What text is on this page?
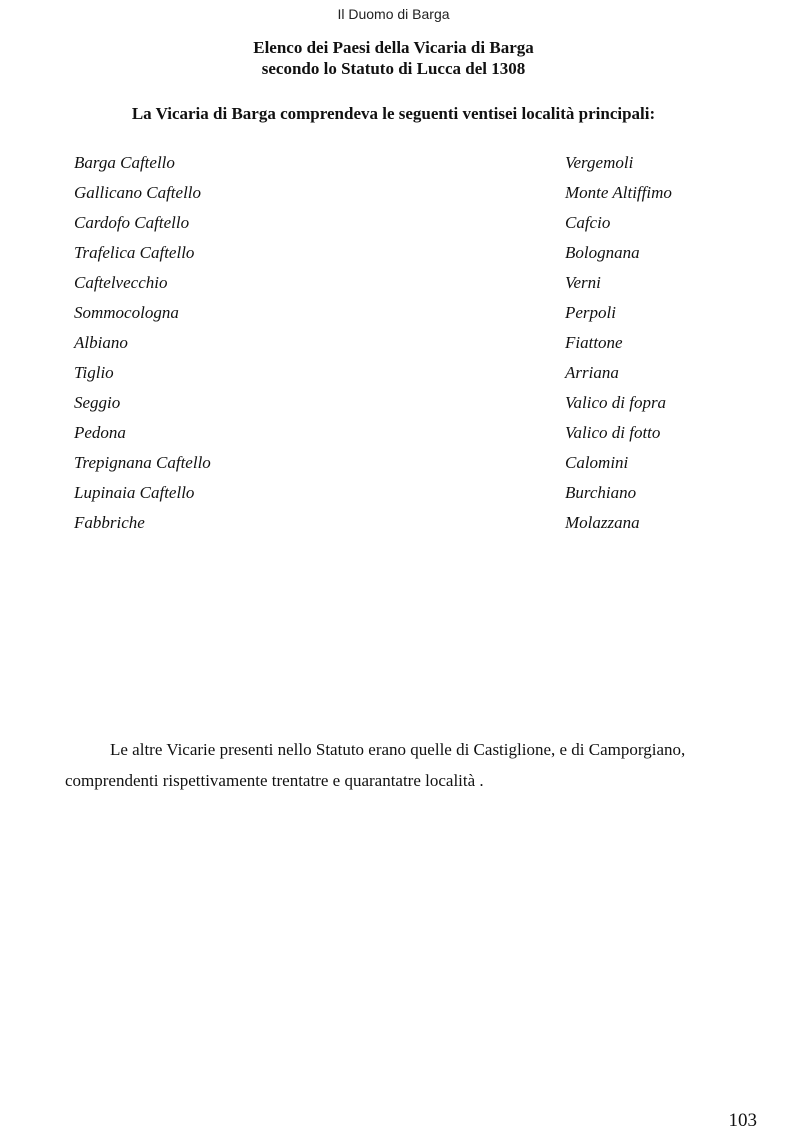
Il Duomo di Barga
Elenco dei Paesi della Vicaria di Barga
secondo lo Statuto di Lucca del 1308
La Vicaria di Barga comprendeva le seguenti ventisei località principali:
Barga Caftello
Gallicano Caftello
Cardofo Caftello
Trafelica Caftello
Caftelvecchio
Sommocologna
Albiano
Tiglio
Seggio
Pedona
Trepignana Caftello
Lupinaia Caftello
Fabbriche
Vergemoli
Monte Altiffimo
Cafcio
Bolognana
Verni
Perpoli
Fiattone
Arriana
Valico di fopra
Valico di fotto
Calomini
Burchiano
Molazzana

Le altre Vicarie presenti nello Statuto erano quelle di Castiglione, e di Camporgiano,
comprendenti rispettivamente trentatre e quarantatre località .

103
